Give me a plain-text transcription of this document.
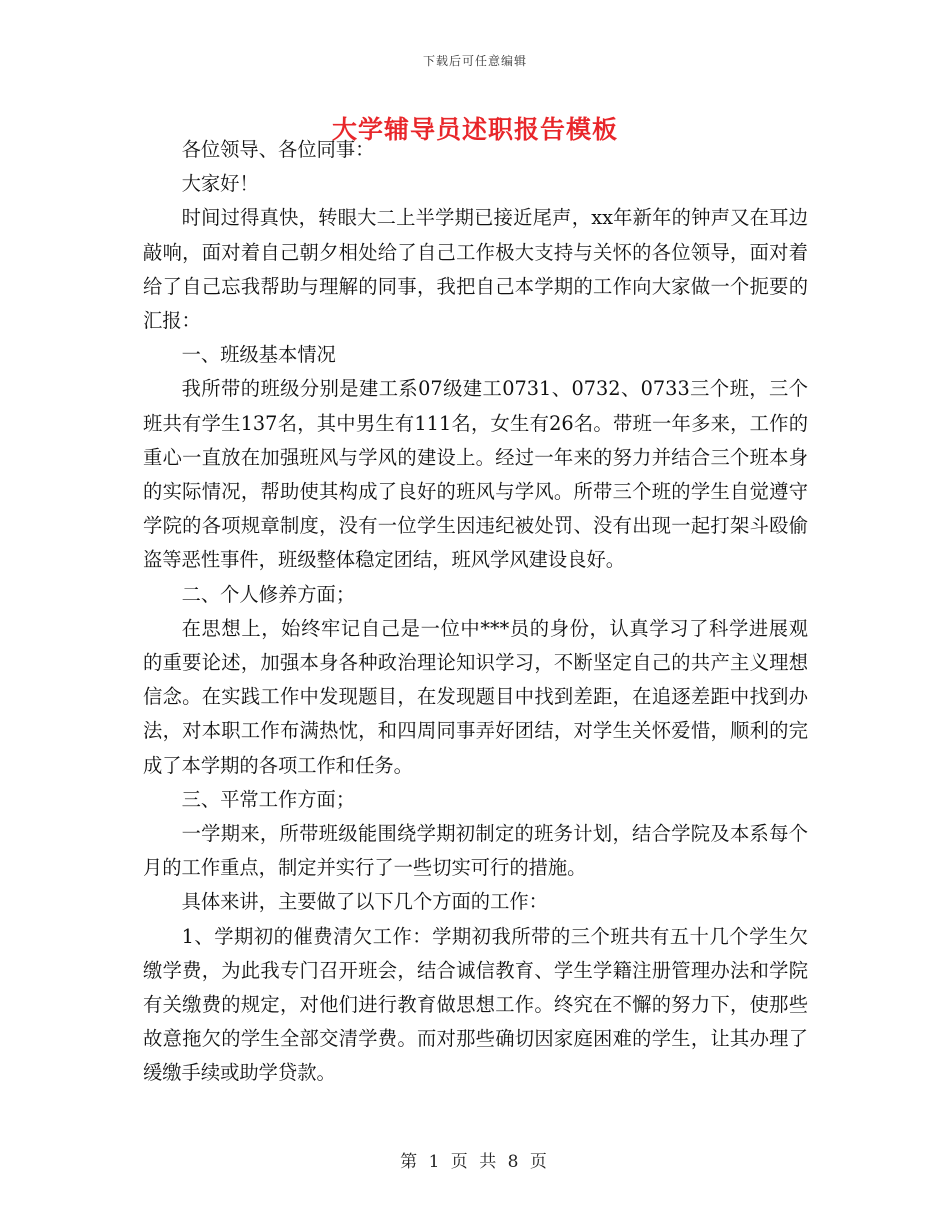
下载后可任意编辑
大学辅导员述职报告模板

各位领导、各位同事：

大家好！

时间过得真快，转眼大二上半学期已接近尾声，xx年新年的钟声又在耳边敲响，面对着自己朝夕相处给了自己工作极大支持与关怀的各位领导，面对着给了自己忘我帮助与理解的同事，我把自己本学期的工作向大家做一个扼要的汇报：

一、班级基本情况

我所带的班级分别是建工系07级建工0731、0732、0733三个班，三个班共有学生137名，其中男生有111名，女生有26名。带班一年多来，工作的重心一直放在加强班风与学风的建设上。经过一年来的努力并结合三个班本身的实际情况，帮助使其构成了良好的班风与学风。所带三个班的学生自觉遵守学院的各项规章制度，没有一位学生因违纪被处罚、没有出现一起打架斗殴偷盗等恶性事件，班级整体稳定团结，班风学风建设良好。

二、个人修养方面；

在思想上，始终牢记自己是一位中***员的身份，认真学习了科学进展观的重要论述，加强本身各种政治理论知识学习，不断坚定自己的共产主义理想信念。在实践工作中发现题目，在发现题目中找到差距，在追逐差距中找到办法，对本职工作布满热忱，和四周同事弄好团结，对学生关怀爱惜，顺利的完成了本学期的各项工作和任务。

三、平常工作方面；

一学期来，所带班级能围绕学期初制定的班务计划，结合学院及本系每个月的工作重点，制定并实行了一些切实可行的措施。

具体来讲，主要做了以下几个方面的工作：

1、学期初的催费清欠工作：学期初我所带的三个班共有五十几个学生欠缴学费，为此我专门召开班会，结合诚信教育、学生学籍注册管理办法和学院有关缴费的规定，对他们进行教育做思想工作。终究在不懈的努力下，使那些故意拖欠的学生全部交清学费。而对那些确切因家庭困难的学生，让其办理了缓缴手续或助学贷款。

第 1 页 共 8 页
